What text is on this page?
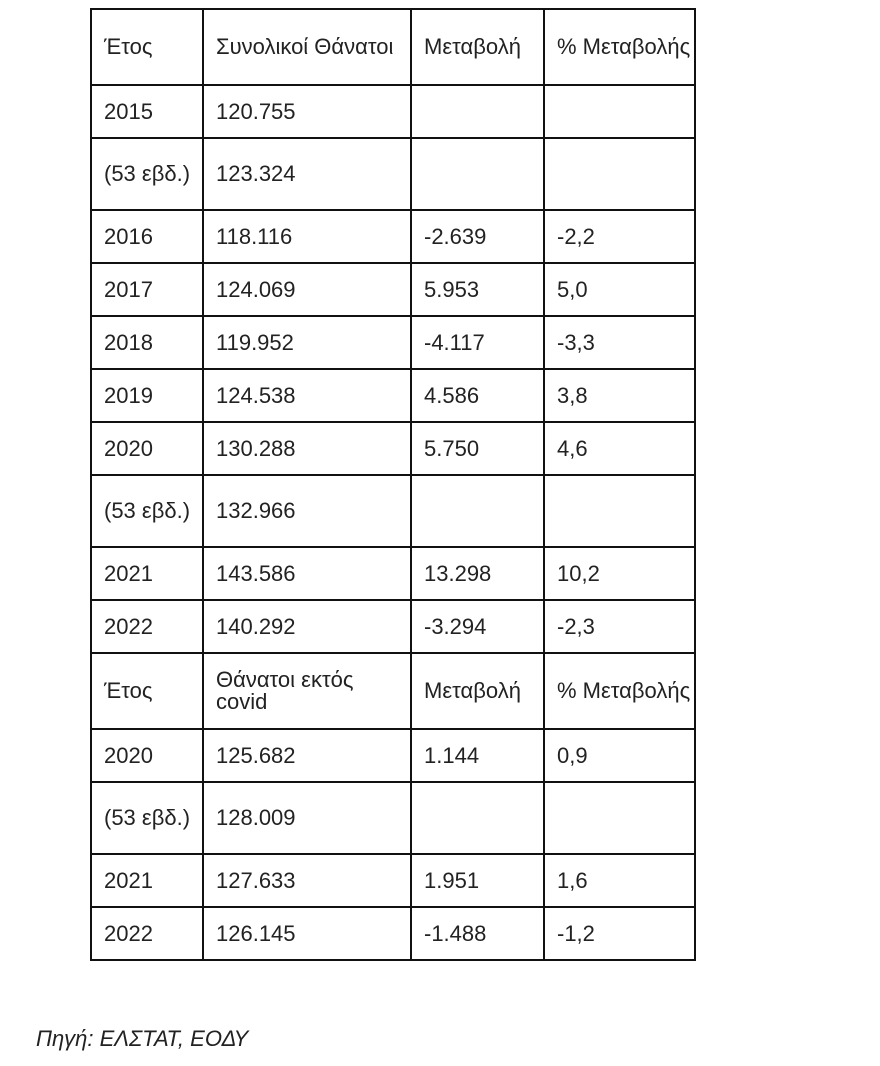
Έτος	Συνολικοί Θάνατοι	Μεταβολή	% Μεταβολής
2015	120.755		
(53 εβδ.)	123.324		
2016	118.116	-2.639	-2,2
2017	124.069	5.953	5,0
2018	119.952	-4.117	-3,3
2019	124.538	4.586	3,8
2020	130.288	5.750	4,6
(53 εβδ.)	132.966		
2021	143.586	13.298	10,2
2022	140.292	-3.294	-2,3
Έτος	Θάνατοι εκτός covid	Μεταβολή	% Μεταβολής
2020	125.682	1.144	0,9
(53 εβδ.)	128.009		
2021	127.633	1.951	1,6
2022	126.145	-1.488	-1,2
Πηγή: ΕΛΣΤΑΤ, ΕΟΔΥ
